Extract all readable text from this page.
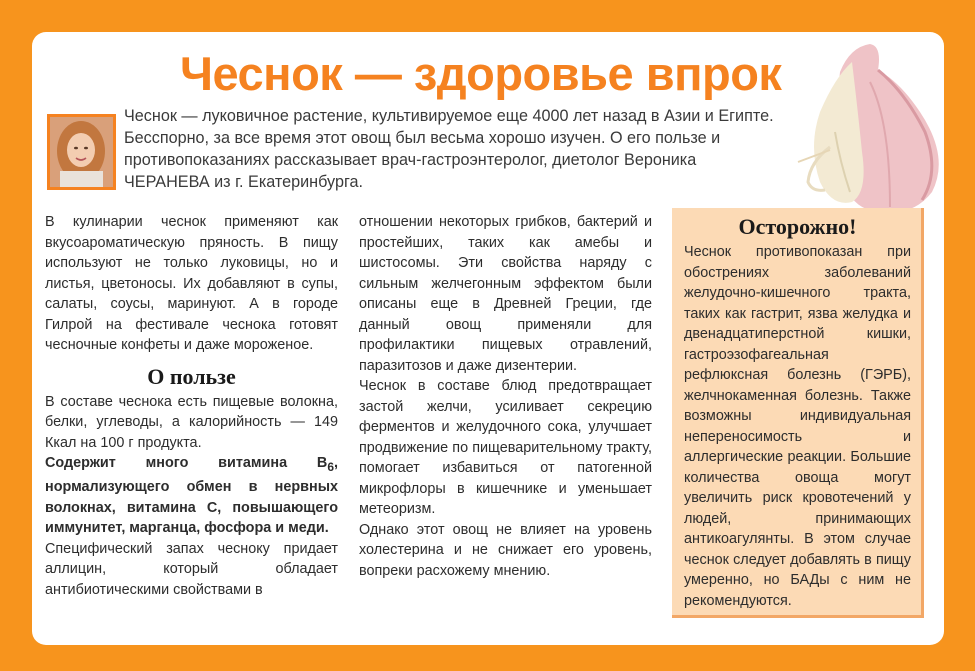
Чеснок — здоровье впрок

Чеснок — луковичное растение, культивируемое еще 4000 лет назад в Азии и Египте. Бесспорно, за все время этот овощ был весьма хорошо изучен. О его пользе и противопоказаниях рассказывает врач-гастроэнтеролог, диетолог Вероника ЧЕРАНЕВА из г. Екатеринбурга.

В кулинарии чеснок применяют как вкусоароматическую пряность. В пищу используют не только луковицы, но и листья, цветоносы. Их добавляют в супы, салаты, соусы, маринуют. А в городе Гилрой на фестивале чеснока готовят чесночные конфеты и даже мороженое.

О пользе

В составе чеснока есть пищевые волокна, белки, углеводы, а калорийность — 149 Ккал на 100 г продукта.

Содержит много витамина $B_6$, нормализующего обмен в нервных волокнах, витамина C, повышающего иммунитет, марганца, фосфора и меди.

Специфический запах чесноку придает аллицин, который обладает антибиотическими свойствами в

отношении некоторых грибков, бактерий и простейших, таких как амебы и шистосомы. Эти свойства наряду с сильным желчегонным эффектом были описаны еще в Древней Греции, где данный овощ применяли для профилактики пищевых отравлений, паразитозов и даже дизентерии.

Чеснок в составе блюд предотвращает застой желчи, усиливает секрецию ферментов и желудочного сока, улучшает продвижение по пищеварительному тракту, помогает избавиться от патогенной микрофлоры в кишечнике и уменьшает метеоризм.

Однако этот овощ не влияет на уровень холестерина и не снижает его уровень, вопреки расхожему мнению.

Осторожно!

Чеснок противопоказан при обострениях заболеваний желудочно-кишечного тракта, таких как гастрит, язва желудка и двенадцатиперстной кишки, гастроэзофагеальная рефлюксная болезнь (ГЭРБ), желчнокаменная болезнь. Также возможны индивидуальная непереносимость и аллергические реакции. Большие количества овоща могут увеличить риск кровотечений у людей, принимающих антикоагулянты. В этом случае чеснок следует добавлять в пищу умеренно, но БАДы с ним не рекомендуются.
